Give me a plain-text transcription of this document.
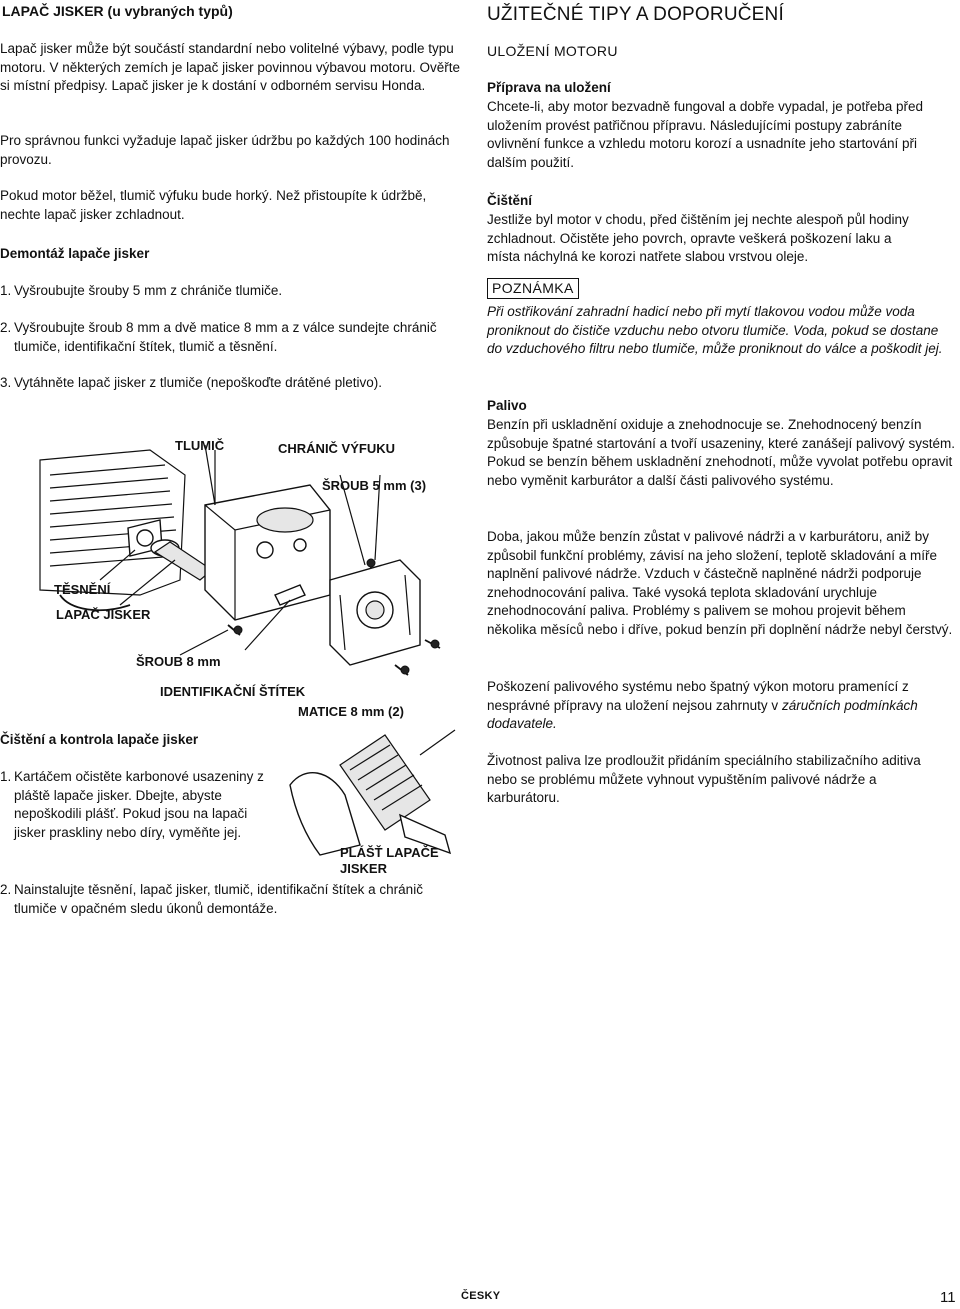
LAPAČ JISKER (u vybraných typů)

Lapač jisker může být součástí standardní nebo volitelné výbavy, podle typu motoru. V některých zemích je lapač jisker povinnou výbavou motoru. Ověřte si místní předpisy. Lapač jisker je k dostání v odborném servisu Honda.

Pro správnou funkci vyžaduje lapač jisker údržbu po každých 100 hodinách provozu.

Pokud motor běžel, tlumič výfuku bude horký. Než přistoupíte k údržbě, nechte lapač jisker zchladnout.

Demontáž lapače jisker
1. Vyšroubujte šrouby 5 mm z chrániče tlumiče.
2. Vyšroubujte šroub 8 mm a dvě matice 8 mm a z válce sundejte chránič tlumiče, identifikační štítek, tlumič a těsnění.
3. Vytáhněte lapač jisker z tlumiče (nepoškoďte drátěné pletivo).
TLUMIČ	CHRÁNIČ VÝFUKU
ŠROUB 5 mm (3)
TĚSNĚNÍ
LAPAČ JISKER
ŠROUB 8 mm
IDENTIFIKAČNÍ ŠTÍTEK
MATICE 8 mm (2)
PLÁŠŤ LAPAČE JISKER
Čištění a kontrola lapače jisker
1. Kartáčem očistěte karbonové usazeniny z pláště lapače jisker. Dbejte, abyste nepoškodili plášť. Pokud jsou na lapači jisker praskliny nebo díry, vyměňte jej.
2. Nainstalujte těsnění, lapač jisker, tlumič, identifikační štítek a chránič tlumiče v opačném sledu úkonů demontáže.
UŽITEČNÉ TIPY A DOPORUČENÍ
ULOŽENÍ MOTORU
Příprava na uložení

Chcete-li, aby motor bezvadně fungoval a dobře vypadal, je potřeba před uložením provést patřičnou přípravu. Následujícími postupy zabráníte ovlivnění funkce a vzhledu motoru korozí a usnadníte jeho startování při dalším použití.

Čištění

Jestliže byl motor v chodu, před čištěním jej nechte alespoň půl hodiny zchladnout. Očistěte jeho povrch, opravte veškerá poškození laku a místa náchylná ke korozi natřete slabou vrstvou oleje.

POZNÁMKA

Při ostřikování zahradní hadicí nebo při mytí tlakovou vodou může voda proniknout do čističe vzduchu nebo otvoru tlumiče. Voda, pokud se dostane do vzduchového filtru nebo tlumiče, může proniknout do válce a poškodit jej.

Palivo

Benzín při uskladnění oxiduje a znehodnocuje se. Znehodnocený benzín způsobuje špatné startování a tvoří usazeniny, které zanášejí palivový systém. Pokud se benzín během uskladnění znehodnotí, může vyvolat potřebu opravit nebo vyměnit karburátor a další části palivového systému.

Doba, jakou může benzín zůstat v palivové nádrži a v karburátoru, aniž by způsobil funkční problémy, závisí na jeho složení, teplotě skladování a míře naplnění palivové nádrže. Vzduch v částečně naplněné nádrži podporuje znehodnocování paliva. Také vysoká teplota skladování urychluje znehodnocování paliva. Problémy s palivem se mohou projevit během několika měsíců nebo i dříve, pokud benzín při doplnění nádrže nebyl čerstvý.

Poškození palivového systému nebo špatný výkon motoru pramenící z nesprávné přípravy na uložení nejsou zahrnuty v záručních podmínkách dodavatele.

Životnost paliva lze prodloužit přidáním speciálního stabilizačního aditiva nebo se problému můžete vyhnout vypuštěním palivové nádrže a karburátoru.

ČESKY	11
